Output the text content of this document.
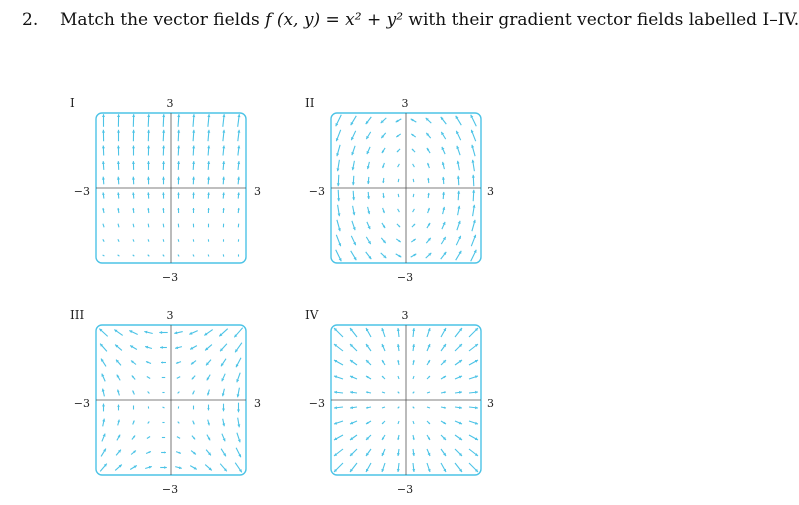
2. Match the vector fields f (x, y) = x² + y² with their gradient vector fields labelled I–IV.
I	3
−3	3
−3
II	3
−3	3
−3
III	3
−3	3
−3
IV	3
−3	3
−3
